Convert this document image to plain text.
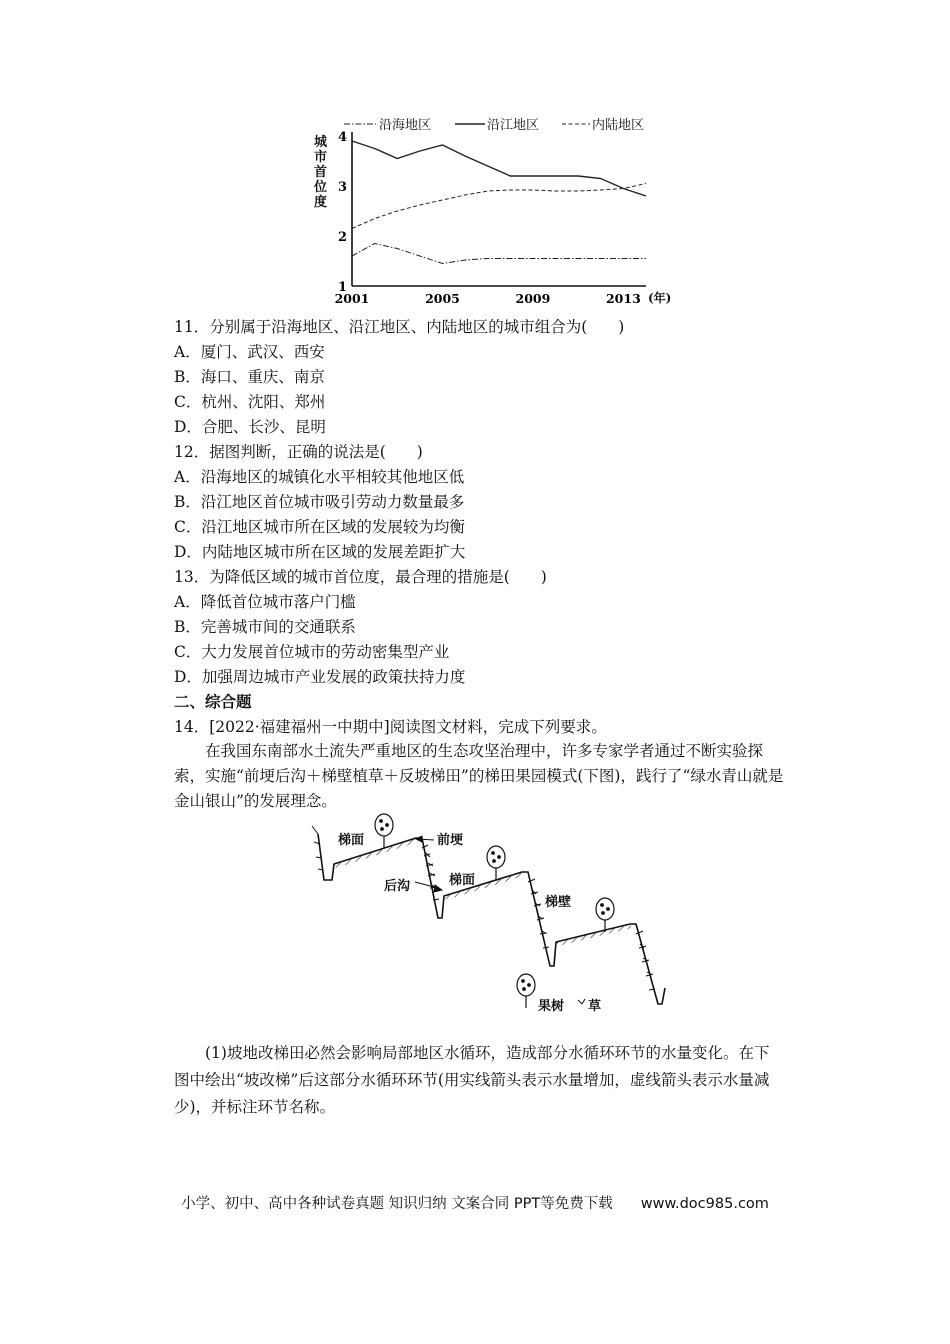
沿海地区	沿江地区	内陆地区
城市首位度
1
2
3
4
2001	2005	2009	2013 (年)
11．分别属于沿海地区、沿江地区、内陆地区的城市组合为(　　)
A．厦门、武汉、西安
B．海口、重庆、南京
C．杭州、沈阳、郑州
D．合肥、长沙、昆明
12．据图判断，正确的说法是(　　)
A．沿海地区的城镇化水平相较其他地区低
B．沿江地区首位城市吸引劳动力数量最多
C．沿江地区城市所在区域的发展较为均衡
D．内陆地区城市所在区域的发展差距扩大
13．为降低区域的城市首位度，最合理的措施是(　　)
A．降低首位城市落户门槛
B．完善城市间的交通联系
C．大力发展首位城市的劳动密集型产业
D．加强周边城市产业发展的政策扶持力度
二、综合题
14．[2022·福建福州一中期中]阅读图文材料，完成下列要求。
在我国东南部水土流失严重地区的生态攻坚治理中，许多专家学者通过不断实验探索，实施“前埂后沟＋梯壁植草＋反坡梯田”的梯田果园模式(下图)，践行了“绿水青山就是金山银山”的发展理念。
梯面	前埂
梯面
后沟
梯壁
果树 草
(1)坡地改梯田必然会影响局部地区水循环，造成部分水循环环节的水量变化。在下图中绘出“坡改梯”后这部分水循环环节(用实线箭头表示水量增加，虚线箭头表示水量减少)，并标注环节名称。
小学、初中、高中各种试卷真题 知识归纳 文案合同 PPT等免费下载 www.doc985.com
